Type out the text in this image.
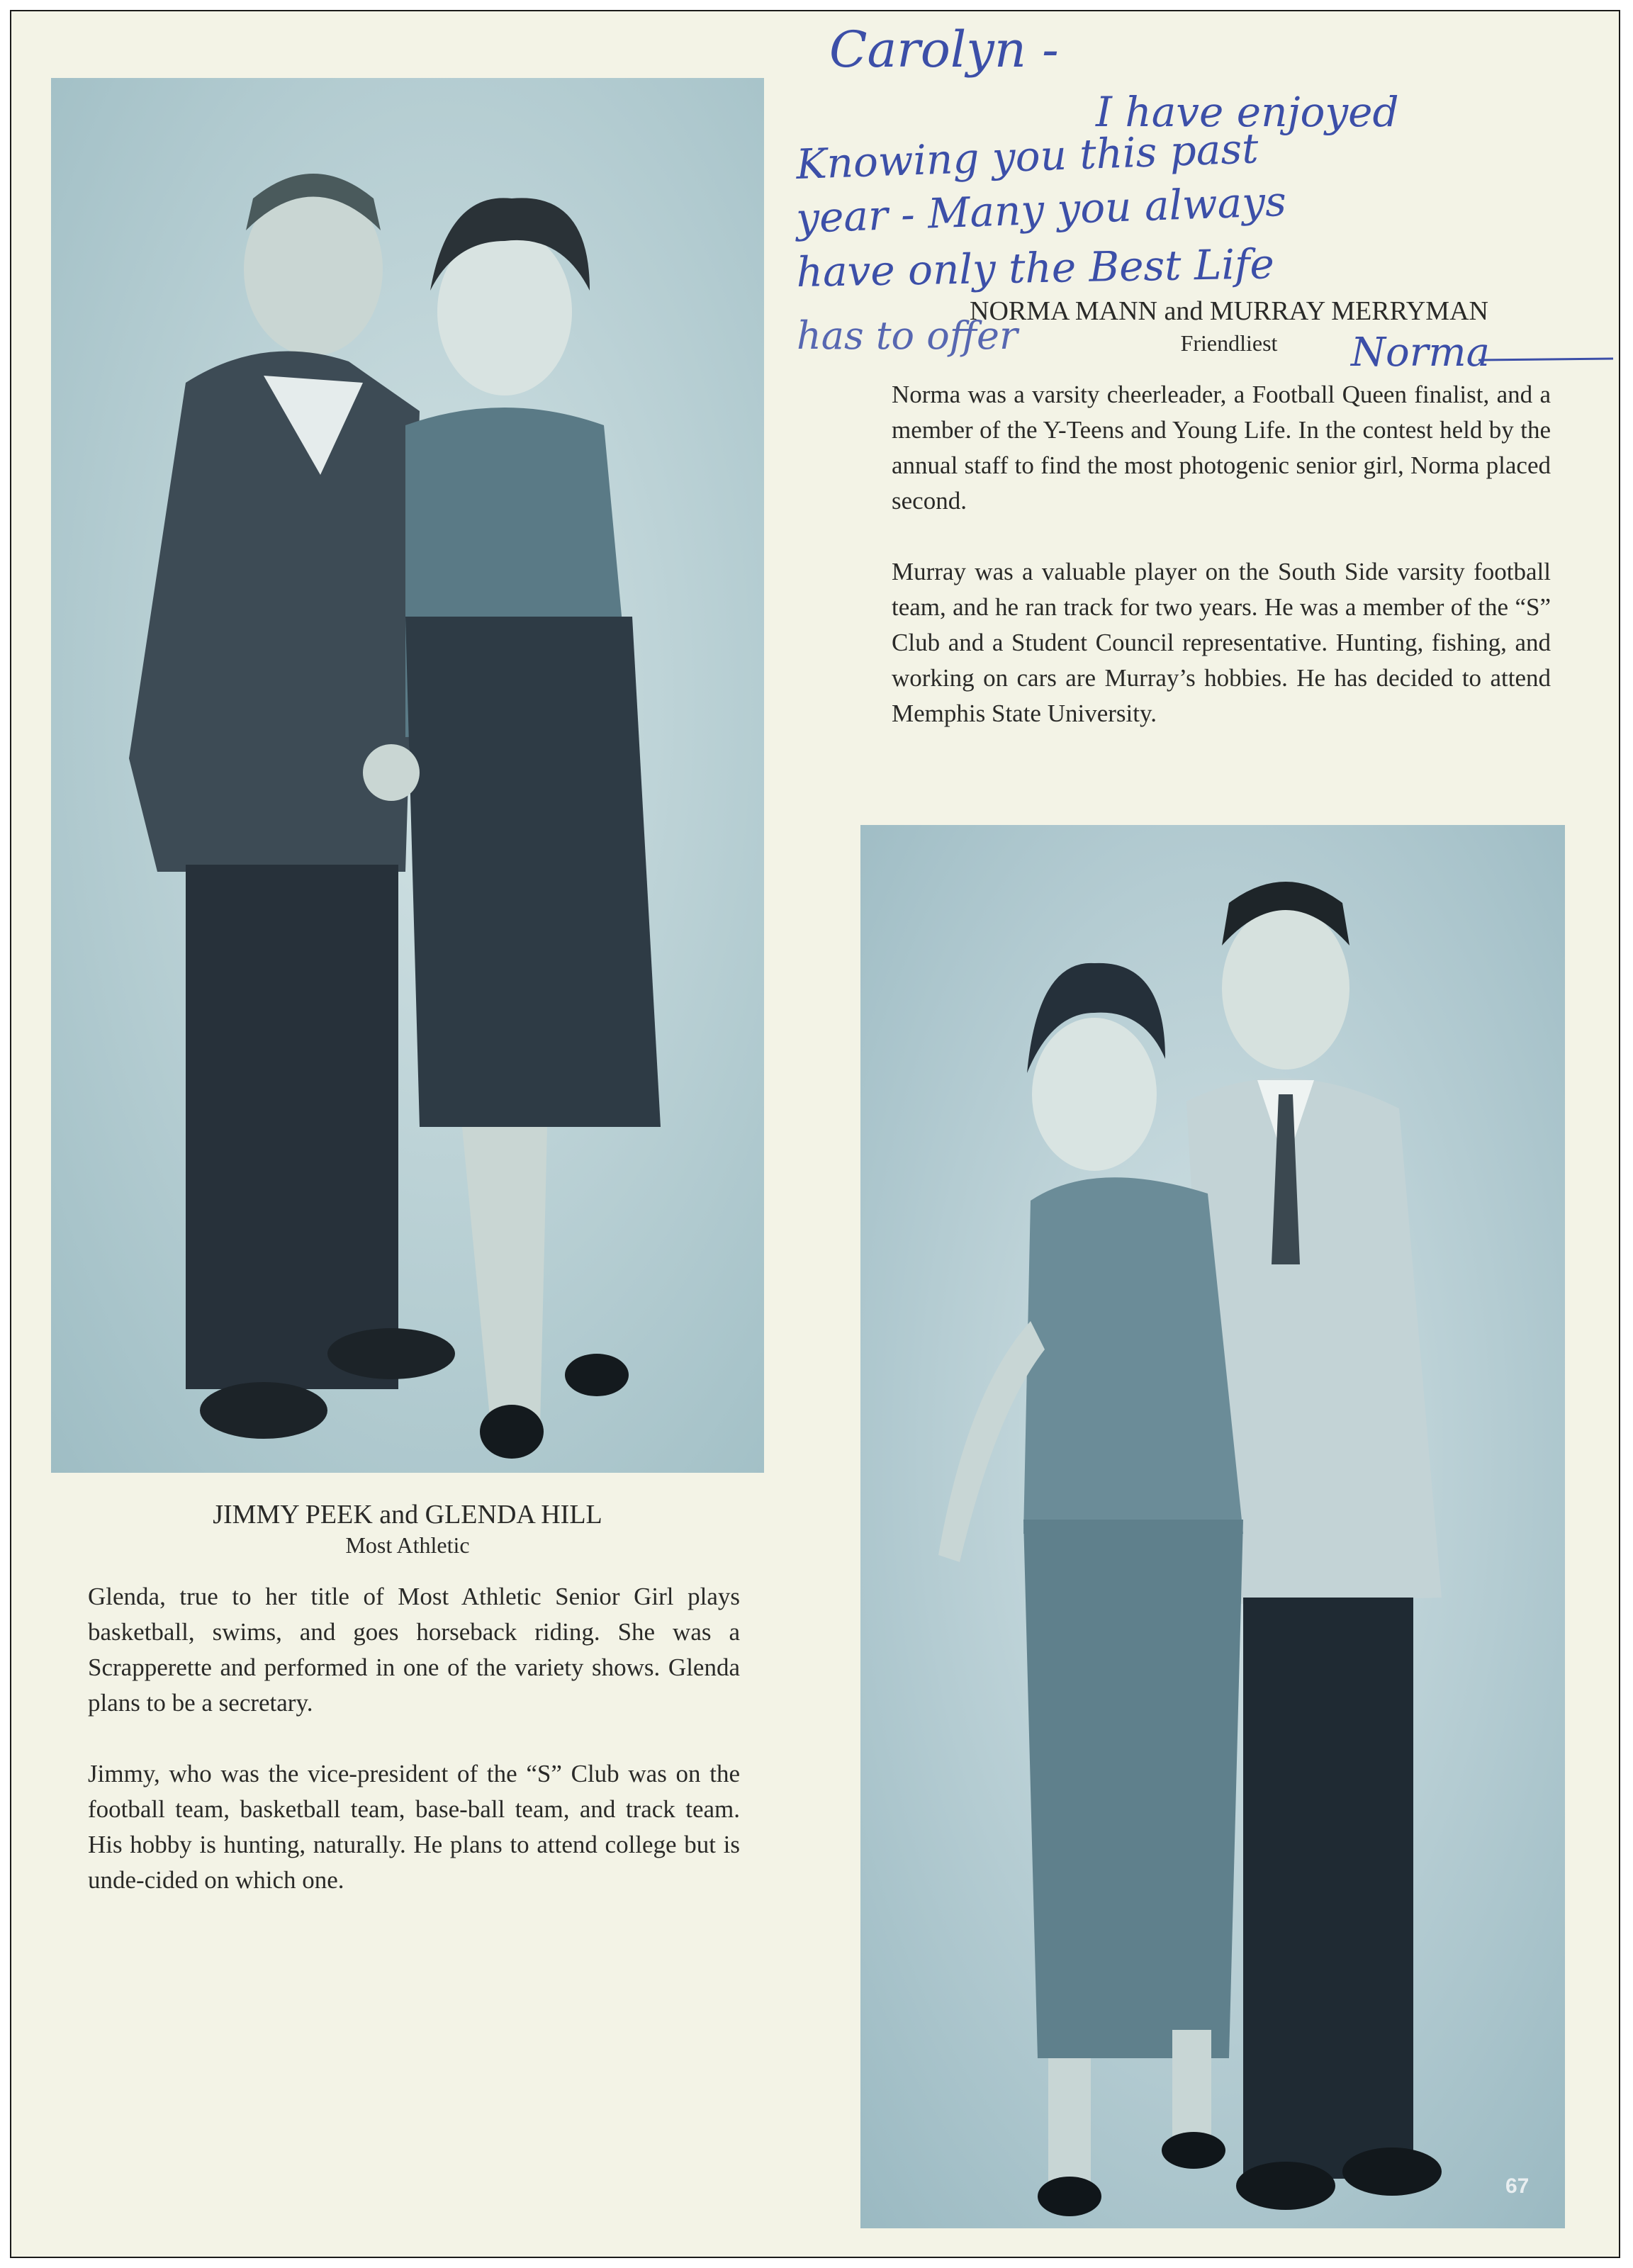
JIMMY PEEK and GLENDA HILL
Most Athletic

Glenda, true to her title of Most Athletic Senior Girl plays basketball, swims, and goes horseback riding. She was a Scrapperette and performed in one of the variety shows. Glenda plans to be a secretary.

Jimmy, who was the vice-president of the “S” Club was on the football team, basketball team, base-ball team, and track team. His hobby is hunting, naturally. He plans to attend college but is unde-cided on which one.

NORMA MANN and MURRAY MERRYMAN
Friendliest

Norma was a varsity cheerleader, a Football Queen finalist, and a member of the Y-Teens and Young Life. In the contest held by the annual staff to find the most photogenic senior girl, Norma placed second.

Murray was a valuable player on the South Side varsity football team, and he ran track for two years. He was a member of the “S” Club and a Student Council representative. Hunting, fishing, and working on cars are Murray’s hobbies. He has decided to attend Memphis State University.

67
Carolyn -
I have enjoyed
Knowing you this past
year - Many you always
have only the Best Life
has to offer	Norma
